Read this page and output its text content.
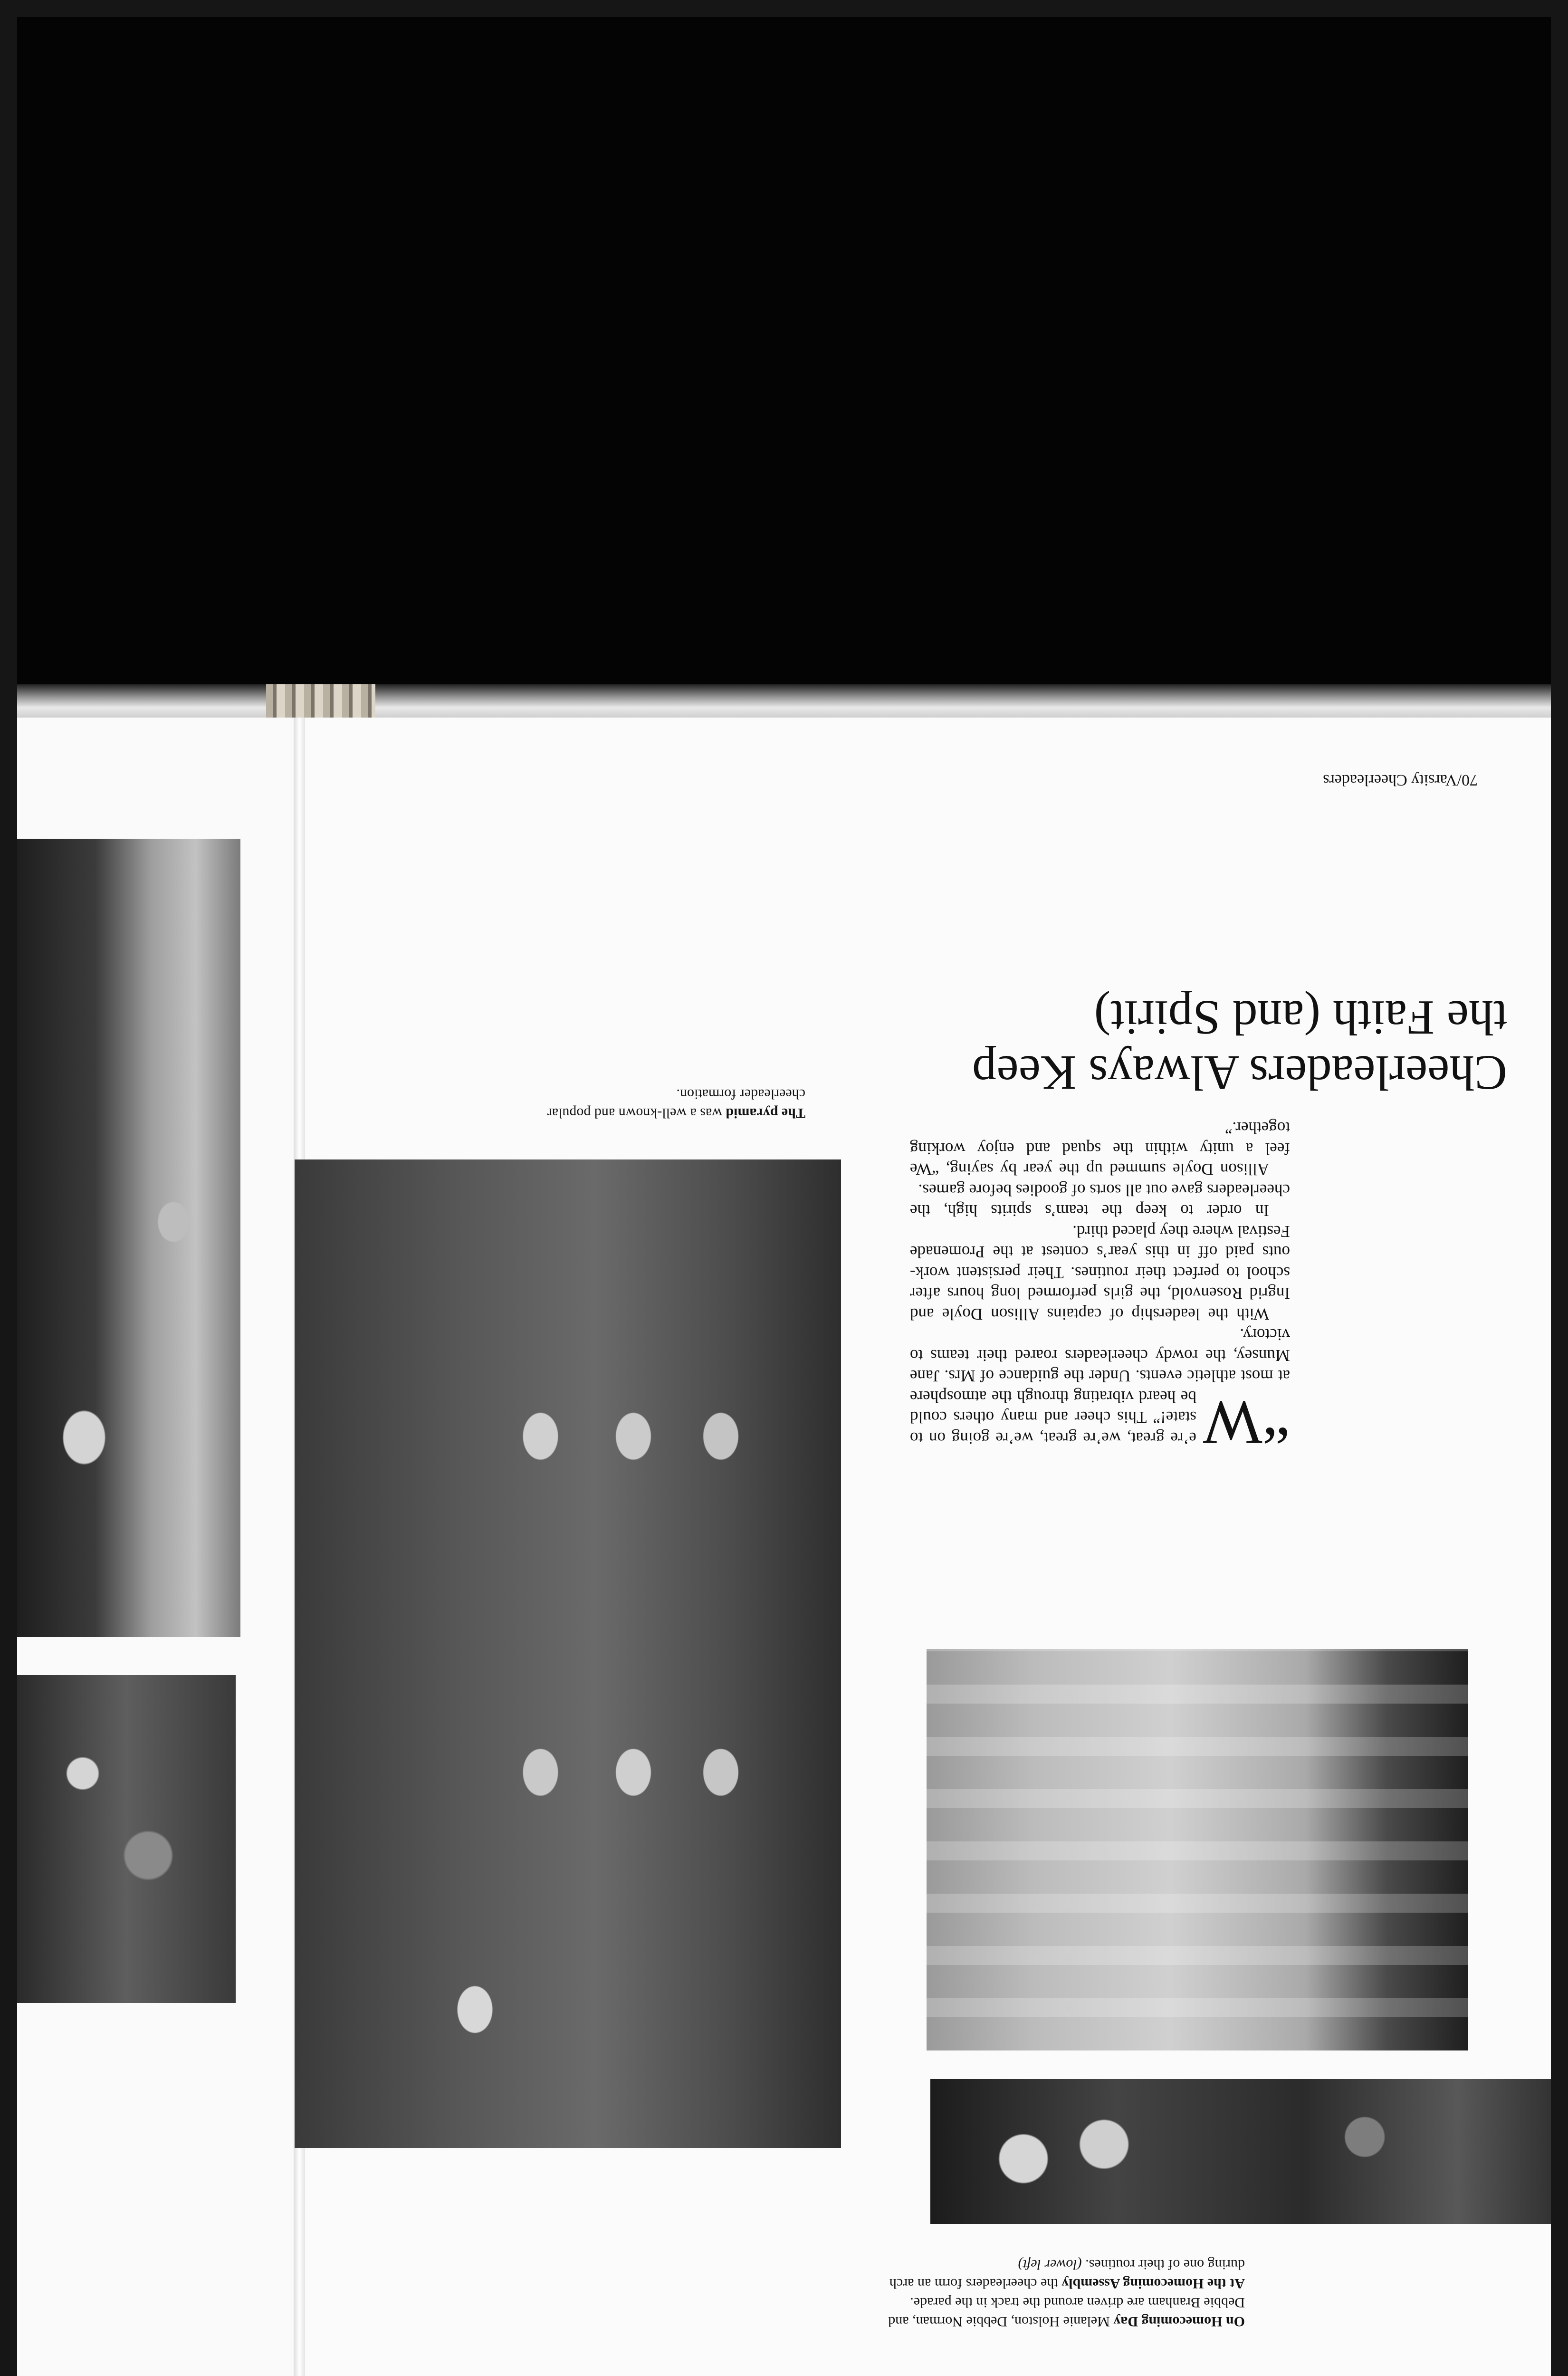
70/Varsity Cheerleaders
Cheerleaders Always Keep
the Faith (and Spirit)

“W
e’re great, we’re great, we’re going on to state!” This cheer and many others could be heard vibrating through the atmosphere at most athletic events. Under the guidance of Mrs. Jane Munsey, the rowdy cheerleaders roared their teams to victory.

With the leadership of captains Allison Doyle and Ingrid Rosenvold, the girls performed long hours after school to perfect their routines. Their persistent work-outs paid off in this year’s contest at the Promenade Festival where they placed third.

In order to keep the team’s spirits high, the cheerleaders gave out all sorts of goodies before games.

Allison Doyle summed up the year by saying, “We feel a unity within the squad and enjoy working together.”

The pyramid was a well-known and popular cheerleader formation.

On Homecoming Day Melanie Holston, Debbie Norman, and Debbie Branham are driven around the track in the parade.

At the Homecoming Assembly the cheerleaders form an arch during one of their routines. (lower left)
